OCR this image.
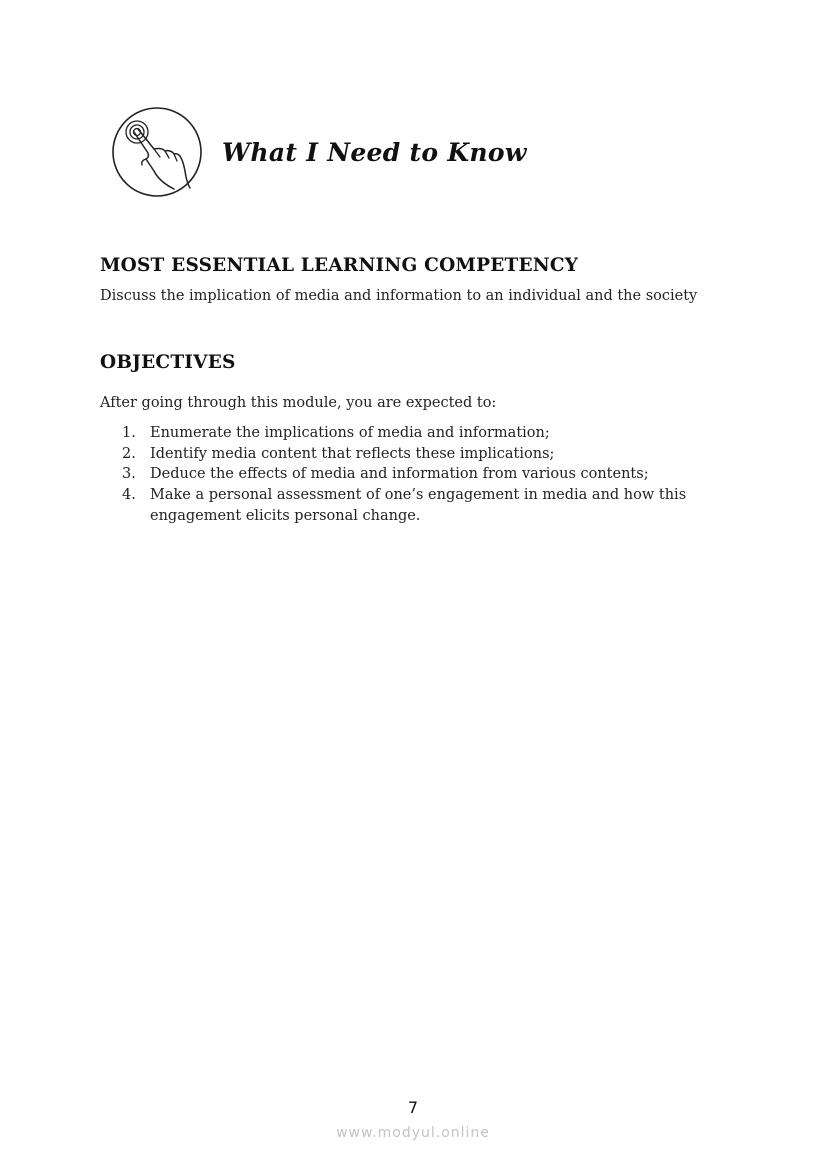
What I Need to Know
MOST ESSENTIAL LEARNING COMPETENCY
Discuss the implication of media and information to an individual and the society
OBJECTIVES
After going through this module, you are expected to:
1. Enumerate the implications of media and information;
2. Identify media content that reflects these implications;
3. Deduce the effects of media and information from various contents;
4. Make a personal assessment of one’s engagement in media and how this engagement elicits personal change.
7
www.modyul.online
